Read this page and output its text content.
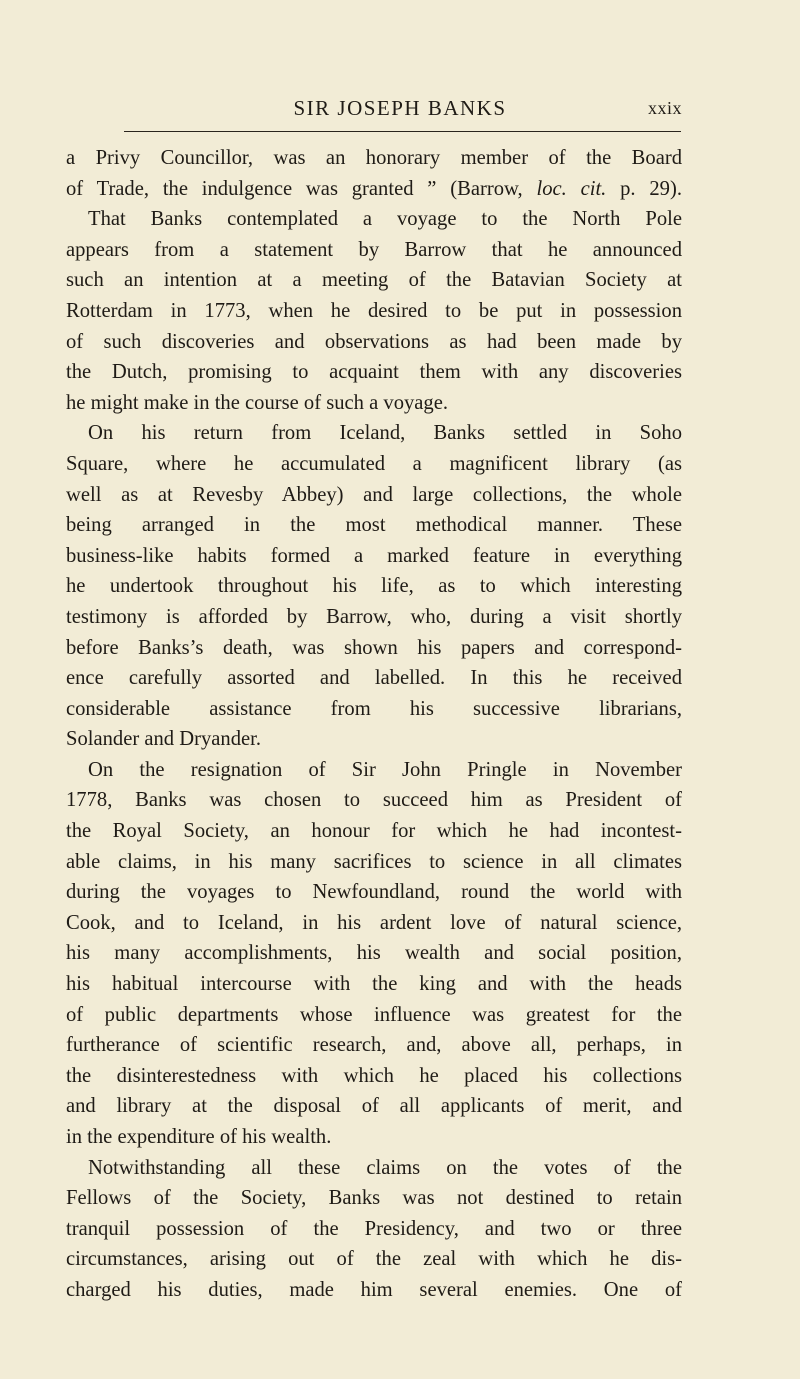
SIR JOSEPH BANKS	xxix
a Privy Councillor, was an honorary member of the Board
of Trade, the indulgence was granted ” (Barrow, loc. cit. p. 29).
That Banks contemplated a voyage to the North Pole
appears from a statement by Barrow that he announced
such an intention at a meeting of the Batavian Society at
Rotterdam in 1773, when he desired to be put in possession
of such discoveries and observations as had been made by
the Dutch, promising to acquaint them with any discoveries
he might make in the course of such a voyage.
On his return from Iceland, Banks settled in Soho
Square, where he accumulated a magnificent library (as
well as at Revesby Abbey) and large collections, the whole
being arranged in the most methodical manner. These
business-like habits formed a marked feature in everything
he undertook throughout his life, as to which interesting
testimony is afforded by Barrow, who, during a visit shortly
before Banks’s death, was shown his papers and correspond-
ence carefully assorted and labelled. In this he received
considerable assistance from his successive librarians,
Solander and Dryander.
On the resignation of Sir John Pringle in November
1778, Banks was chosen to succeed him as President of
the Royal Society, an honour for which he had incontest-
able claims, in his many sacrifices to science in all climates
during the voyages to Newfoundland, round the world with
Cook, and to Iceland, in his ardent love of natural science,
his many accomplishments, his wealth and social position,
his habitual intercourse with the king and with the heads
of public departments whose influence was greatest for the
furtherance of scientific research, and, above all, perhaps, in
the disinterestedness with which he placed his collections
and library at the disposal of all applicants of merit, and
in the expenditure of his wealth.
Notwithstanding all these claims on the votes of the
Fellows of the Society, Banks was not destined to retain
tranquil possession of the Presidency, and two or three
circumstances, arising out of the zeal with which he dis-
charged his duties, made him several enemies. One of
